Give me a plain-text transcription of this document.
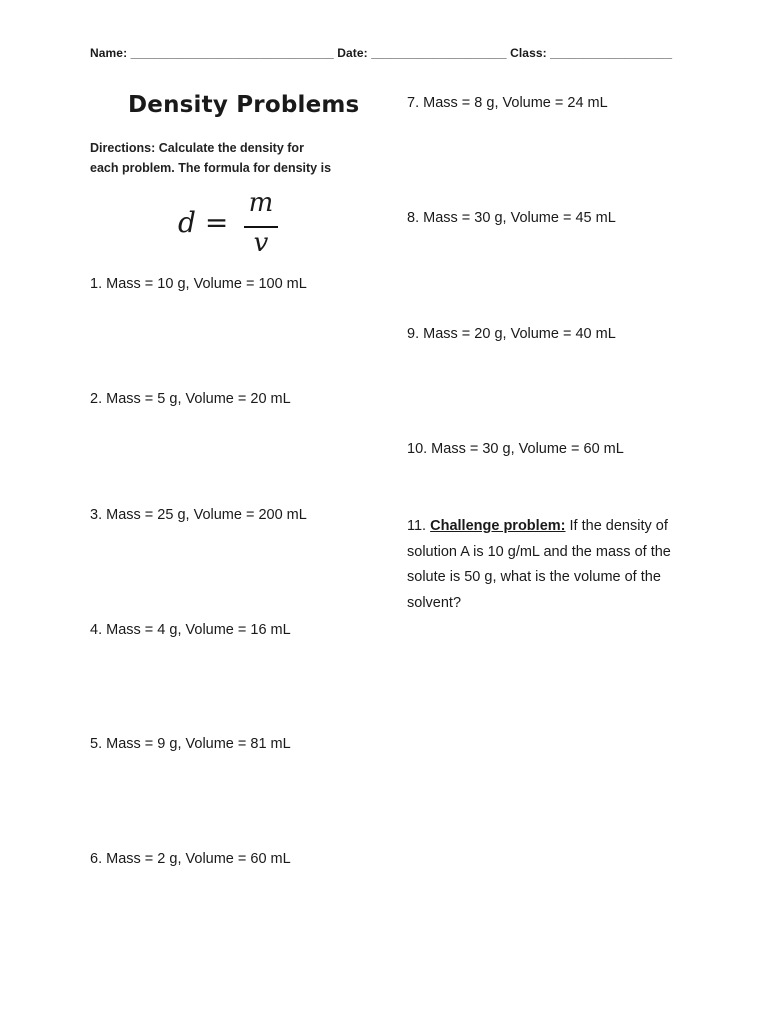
Name: ______________________________ Date: ____________________ Class: __________________
Density Problems
Directions: Calculate the density for each problem. The formula for density is
d =
m
v
1. Mass = 10 g, Volume = 100 mL
2. Mass = 5 g, Volume = 20 mL
3. Mass = 25 g, Volume = 200 mL
4. Mass = 4 g, Volume = 16 mL
5. Mass = 9 g, Volume = 81 mL
6. Mass = 2 g, Volume = 60 mL
7. Mass = 8 g, Volume = 24 mL
8. Mass = 30 g, Volume = 45 mL
9. Mass = 20 g, Volume = 40 mL
10. Mass = 30 g, Volume = 60 mL
11. Challenge problem: If the density of solution A is 10 g/mL and the mass of the solute is 50 g, what is the volume of the solvent?
